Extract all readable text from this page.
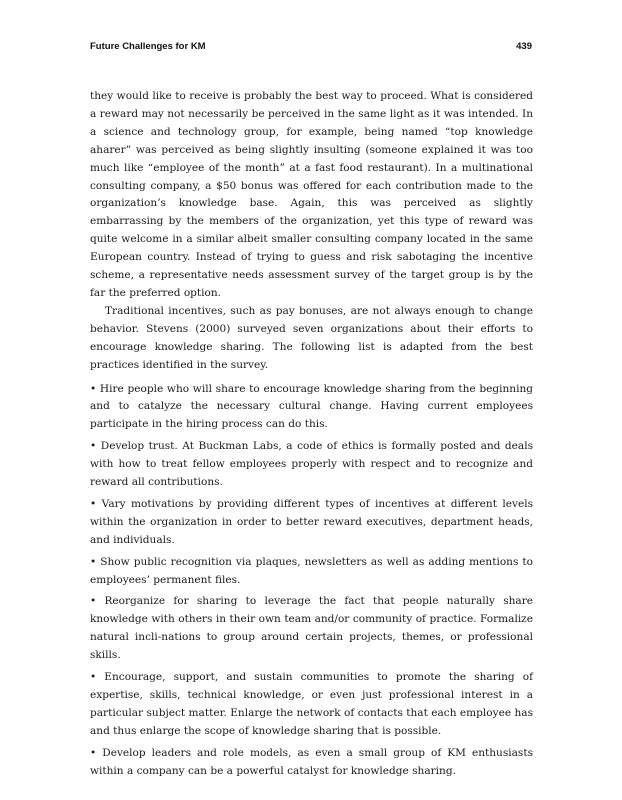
Future Challenges for KM	439

they would like to receive is probably the best way to proceed. What is considered a reward may not necessarily be perceived in the same light as it was intended. In a science and technology group, for example, being named “top knowledge aharer” was perceived as being slightly insulting (someone explained it was too much like “employee of the month” at a fast food restaurant). In a multinational consulting company, a $50 bonus was offered for each contribution made to the organization’s knowledge base. Again, this was perceived as slightly embarrassing by the members of the organization, yet this type of reward was quite welcome in a similar albeit smaller consulting company located in the same European country. Instead of trying to guess and risk sabotaging the incentive scheme, a representative needs assessment survey of the target group is by the far the preferred option.

Traditional incentives, such as pay bonuses, are not always enough to change behavior. Stevens (2000) surveyed seven organizations about their efforts to encourage knowledge sharing. The following list is adapted from the best practices identified in the survey.

• Hire people who will share to encourage knowledge sharing from the beginning and to catalyze the necessary cultural change. Having current employees participate in the hiring process can do this.
• Develop trust. At Buckman Labs, a code of ethics is formally posted and deals with how to treat fellow employees properly with respect and to recognize and reward all contributions.
• Vary motivations by providing different types of incentives at different levels within the organization in order to better reward executives, department heads, and individuals.
• Show public recognition via plaques, newsletters as well as adding mentions to employees’ permanent files.
• Reorganize for sharing to leverage the fact that people naturally share knowledge with others in their own team and/or community of practice. Formalize natural incli-nations to group around certain projects, themes, or professional skills.
• Encourage, support, and sustain communities to promote the sharing of expertise, skills, technical knowledge, or even just professional interest in a particular subject matter. Enlarge the network of contacts that each employee has and thus enlarge the scope of knowledge sharing that is possible.
• Develop leaders and role models, as even a small group of KM enthusiasts within a company can be a powerful catalyst for knowledge sharing.
